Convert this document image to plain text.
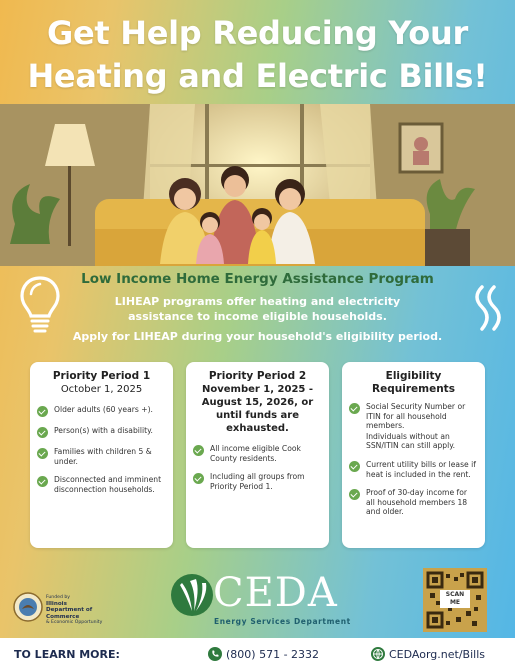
Get Help Reducing Your
Heating and Electric Bills!
Low Income Home Energy Assistance Program
LIHEAP programs offer heating and electricity assistance to income eligible households.
Apply for LIHEAP during your household's eligibility period.
Priority Period 1
October 1, 2025
Older adults (60 years +).
Person(s) with a disability.
Families with children 5 & under.
Disconnected and imminent disconnection households.
Priority Period 2
November 1, 2025 -
August 15, 2026, or
until funds are
exhausted.
All income eligible Cook County residents.
Including all groups from Priority Period 1.
Eligibility
Requirements
Social Security Number or ITIN for all household members.
Individuals without an SSN/ITIN can still apply.
Current utility bills or lease if heat is included in the rent.
Proof of 30-day income for all household members 18 and older.
Funded by
Illinois
Department of Commerce
& Economic Opportunity
CEDA
Energy Services Department
SCAN
ME
TO LEARN MORE:	(800) 571 - 2332	CEDAorg.net/Bills
